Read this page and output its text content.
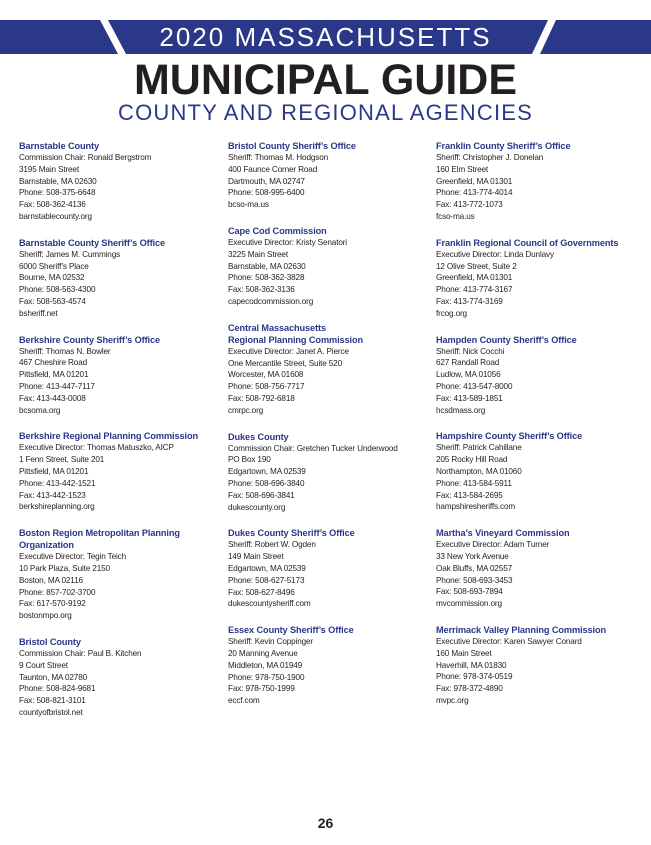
2020 MASSACHUSETTS
MUNICIPAL GUIDE
COUNTY AND REGIONAL AGENCIES
Barnstable County
Commission Chair: Ronald Bergstrom
3195 Main Street
Barnstable, MA 02630
Phone: 508-375-6648
Fax: 508-362-4136
barnstablecounty.org
Barnstable County Sheriff’s Office
Sheriff: James M. Cummings
6000 Sheriff’s Place
Bourne, MA 02532
Phone: 508-563-4300
Fax: 508-563-4574
bsheriff.net
Berkshire County Sheriff’s Office
Sheriff: Thomas N. Bowler
467 Cheshire Road
Pittsfield, MA 01201
Phone: 413-447-7117
Fax: 413-443-0008
bcsoma.org
Berkshire Regional Planning Commission
Executive Director: Thomas Matuszko, AICP
1 Fenn Street, Suite 201
Pittsfield, MA 01201
Phone: 413-442-1521
Fax: 413-442-1523
berkshireplanning.org
Boston Region Metropolitan Planning
Organization
Executive Director: Tegin Teich
10 Park Plaza, Suite 2150
Boston, MA 02116
Phone: 857-702-3700
Fax: 617-570-9192
bostonmpo.org
Bristol County
Commission Chair: Paul B. Kitchen
9 Court Street
Taunton, MA 02780
Phone: 508-824-9681
Fax: 508-821-3101
countyofbristol.net
Bristol County Sheriff’s Office
Sheriff: Thomas M. Hodgson
400 Faunce Corner Road
Dartmouth, MA 02747
Phone: 508-995-6400
bcso-ma.us
Cape Cod Commission
Executive Director: Kristy Senatori
3225 Main Street
Barnstable, MA 02630
Phone: 508-362-3828
Fax: 508-362-3136
capecodcommission.org
Central Massachusetts
Regional Planning Commission
Executive Director: Janet A. Pierce
One Mercantile Street, Suite 520
Worcester, MA 01608
Phone: 508-756-7717
Fax: 508-792-6818
cmrpc.org
Dukes County
Commission Chair: Gretchen Tucker Underwood
PO Box 190
Edgartown, MA 02539
Phone: 508-696-3840
Fax: 508-696-3841
dukescounty.org
Dukes County Sheriff’s Office
Sheriff: Robert W. Ogden
149 Main Street
Edgartown, MA 02539
Phone: 508-627-5173
Fax: 508-627-8496
dukescountysheriff.com
Essex County Sheriff’s Office
Sheriff: Kevin Coppinger
20 Manning Avenue
Middleton, MA 01949
Phone: 978-750-1900
Fax: 978-750-1999
eccf.com
Franklin County Sheriff’s Office
Sheriff: Christopher J. Donelan
160 Elm Street
Greenfield, MA 01301
Phone: 413-774-4014
Fax: 413-772-1073
fcso-ma.us
Franklin Regional Council of Governments
Executive Director: Linda Dunlavy
12 Olive Street, Suite 2
Greenfield, MA 01301
Phone: 413-774-3167
Fax: 413-774-3169
frcog.org
Hampden County Sheriff’s Office
Sheriff: Nick Cocchi
627 Randall Road
Ludlow, MA 01056
Phone: 413-547-8000
Fax: 413-589-1851
hcsdmass.org
Hampshire County Sheriff’s Office
Sheriff: Patrick Cahillane
205 Rocky Hill Road
Northampton, MA 01060
Phone: 413-584-5911
Fax: 413-584-2695
hampshiresheriffs.com
Martha’s Vineyard Commission
Executive Director: Adam Turner
33 New York Avenue
Oak Bluffs, MA 02557
Phone: 508-693-3453
Fax: 508-693-7894
mvcommission.org
Merrimack Valley Planning Commission
Executive Director: Karen Sawyer Conard
160 Main Street
Haverhill, MA 01830
Phone: 978-374-0519
Fax: 978-372-4890
mvpc.org
26
